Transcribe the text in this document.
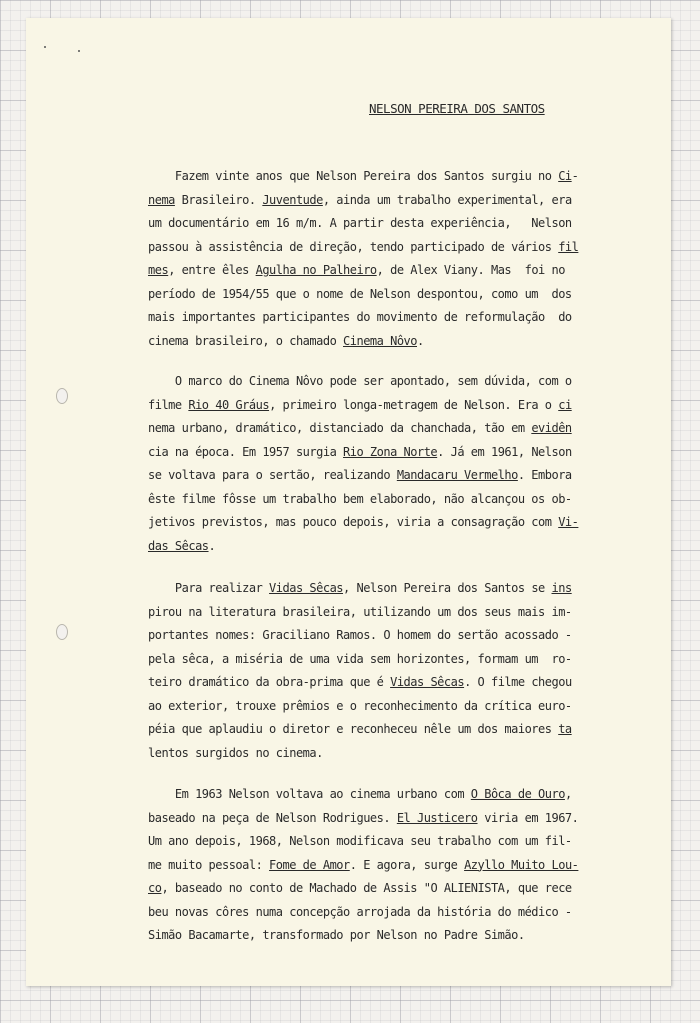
NELSON PEREIRA DOS SANTOS
Fazem vinte anos que Nelson Pereira dos Santos surgiu no Ci-
nema Brasileiro. Juventude, ainda um trabalho experimental, era
um documentário em 16 m/m. A partir desta experiência,   Nelson
passou à assistência de direção, tendo participado de vários fil
mes, entre êles Agulha no Palheiro, de Alex Viany. Mas  foi no
período de 1954/55 que o nome de Nelson despontou, como um  dos
mais importantes participantes do movimento de reformulação  do
cinema brasileiro, o chamado Cinema Nôvo.
O marco do Cinema Nôvo pode ser apontado, sem dúvida, com o
filme Rio 40 Gráus, primeiro longa-metragem de Nelson. Era o ci
nema urbano, dramático, distanciado da chanchada, tão em evidên
cia na época. Em 1957 surgia Rio Zona Norte. Já em 1961, Nelson
se voltava para o sertão, realizando Mandacaru Vermelho. Embora
êste filme fôsse um trabalho bem elaborado, não alcançou os ob-
jetivos previstos, mas pouco depois, viria a consagração com Vi-
das Sêcas.
Para realizar Vidas Sêcas, Nelson Pereira dos Santos se ins
pirou na literatura brasileira, utilizando um dos seus mais im-
portantes nomes: Graciliano Ramos. O homem do sertão acossado -
pela sêca, a miséria de uma vida sem horizontes, formam um  ro-
teiro dramático da obra-prima que é Vidas Sêcas. O filme chegou
ao exterior, trouxe prêmios e o reconhecimento da crítica euro-
péia que aplaudiu o diretor e reconheceu nêle um dos maiores ta
lentos surgidos no cinema.
Em 1963 Nelson voltava ao cinema urbano com O Bôca de Ouro,
baseado na peça de Nelson Rodrigues. El Justicero viria em 1967.
Um ano depois, 1968, Nelson modificava seu trabalho com um fil-
me muito pessoal: Fome de Amor. E agora, surge Azyllo Muito Lou-
co, baseado no conto de Machado de Assis "O ALIENISTA, que rece
beu novas côres numa concepção arrojada da história do médico -
Simão Bacamarte, transformado por Nelson no Padre Simão.
